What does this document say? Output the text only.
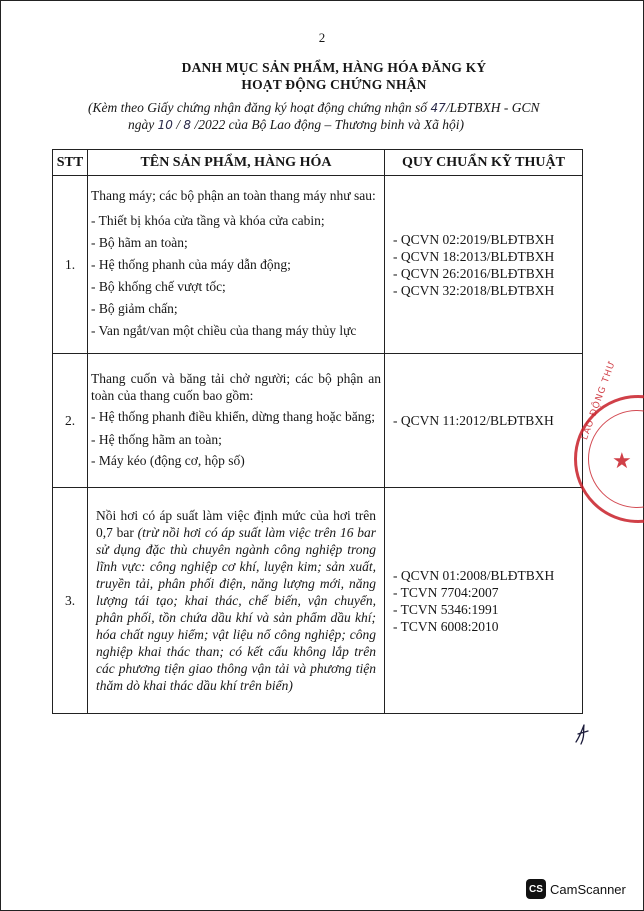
2
DANH MỤC SẢN PHẨM, HÀNG HÓA ĐĂNG KÝ
HOẠT ĐỘNG CHỨNG NHẬN
(Kèm theo Giấy chứng nhận đăng ký hoạt động chứng nhận số 47/LĐTBXH - GCN
ngày 10 / 8 /2022 của Bộ Lao động – Thương binh và Xã hội)
STT	TÊN SẢN PHẨM, HÀNG HÓA	QUY CHUẨN KỸ THUẬT
1.	
Thang máy; các bộ phận an toàn thang máy như sau:
- Thiết bị khóa cửa tầng và khóa cửa cabin;
- Bộ hãm an toàn;
- Hệ thống phanh của máy dẫn động;
- Bộ khống chế vượt tốc;
- Bộ giảm chấn;
- Van ngắt/van một chiều của thang máy thủy lực

- QCVN 02:2019/BLĐTBXH
- QCVN 18:2013/BLĐTBXH
- QCVN 26:2016/BLĐTBXH
- QCVN 32:2018/BLĐTBXH

2.	
Thang cuốn và băng tải chở người; các bộ phận an toàn của thang cuốn bao gồm:
- Hệ thống phanh điều khiển, dừng thang hoặc băng;
- Hệ thống hãm an toàn;
- Máy kéo (động cơ, hộp số)

- QCVN 11:2012/BLĐTBXH

3.	
Nồi hơi có áp suất làm việc định mức của hơi trên 0,7 bar (trừ nồi hơi có áp suất làm việc trên 16 bar sử dụng đặc thù chuyên ngành công nghiệp trong lĩnh vực: công nghiệp cơ khí, luyện kim; sản xuất, truyền tải, phân phối điện, năng lượng mới, năng lượng tái tạo; khai thác, chế biến, vận chuyển, phân phối, tồn chứa dầu khí và sản phẩm dầu khí; hóa chất nguy hiểm; vật liệu nổ công nghiệp; công nghiệp khai thác than; có kết cấu không lắp trên các phương tiện giao thông vận tải và phương tiện thăm dò khai thác dầu khí trên biển)

- QCVN 01:2008/BLĐTBXH
- TCVN 7704:2007
- TCVN 5346:1991
- TCVN 6008:2010
LAO ĐỘNG THƯ
★
CS CamScanner
